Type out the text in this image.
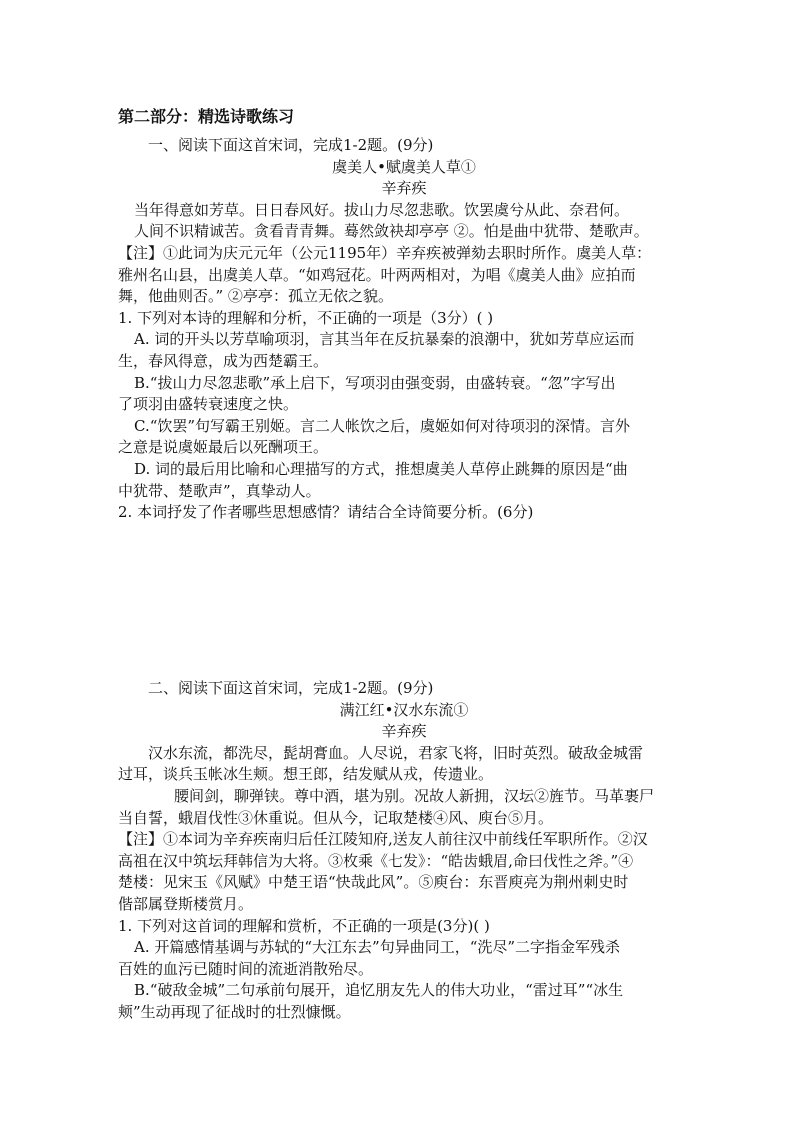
第二部分：精选诗歌练习
一、阅读下面这首宋词，完成1-2题。(9分)
虞美人•赋虞美人草①
辛弃疾
当年得意如芳草。日日春风好。拔山力尽忽悲歌。饮罢虞兮从此、奈君何。
人间不识精诚苦。贪看青青舞。蓦然敛袂却亭亭 ②。怕是曲中犹带、楚歌声。
【注】①此词为庆元元年（公元1195年）辛弃疾被弹劾去职时所作。虞美人草：
雅州名山县，出虞美人草。“如鸡冠花。叶两两相对，为唱《虞美人曲》应拍而
舞，他曲则否。” ②亭亭：孤立无依之貌。
1. 下列对本诗的理解和分析，不正确的一项是（3分）( )
A. 词的开头以芳草喻项羽，言其当年在反抗暴秦的浪潮中，犹如芳草应运而
生，春风得意，成为西楚霸王。
B.“拔山力尽忽悲歌”承上启下，写项羽由强变弱，由盛转衰。“忽”字写出
了项羽由盛转衰速度之快。
C.“饮罢”句写霸王别姬。言二人帐饮之后，虞姬如何对待项羽的深情。言外
之意是说虞姬最后以死酬项王。
D. 词的最后用比喻和心理描写的方式，推想虞美人草停止跳舞的原因是“曲
中犹带、楚歌声”，真挚动人。
2. 本词抒发了作者哪些思想感情？请结合全诗简要分析。(6分)
二、阅读下面这首宋词，完成1-2题。(9分)
满江红•汉水东流①
辛弃疾
汉水东流，都洗尽，髭胡膏血。人尽说，君家飞将，旧时英烈。破敌金城雷
过耳，谈兵玉帐冰生颊。想王郎，结发赋从戎，传遗业。
腰间剑，聊弹铗。尊中酒，堪为别。况故人新拥，汉坛②旌节。马革裹尸
当自誓，蛾眉伐性③休重说。但从今，记取楚楼④风、庾台⑤月。
【注】①本词为辛弃疾南归后任江陵知府,送友人前往汉中前线任军职所作。②汉
高祖在汉中筑坛拜韩信为大将。③枚乘《七发》：“皓齿蛾眉,命曰伐性之斧。”④
楚楼：见宋玉《风赋》中楚王语“快哉此风”。⑤庾台：东晋庾亮为荆州刺史时
偕部属登斯楼赏月。
1. 下列对这首词的理解和赏析，不正确的一项是(3分)( )
A. 开篇感情基调与苏轼的“大江东去”句异曲同工，“洗尽”二字指金军残杀
百姓的血污已随时间的流逝消散殆尽。
B.“破敌金城”二句承前句展开，追忆朋友先人的伟大功业，“雷过耳”“冰生
颊”生动再现了征战时的壮烈慷慨。
